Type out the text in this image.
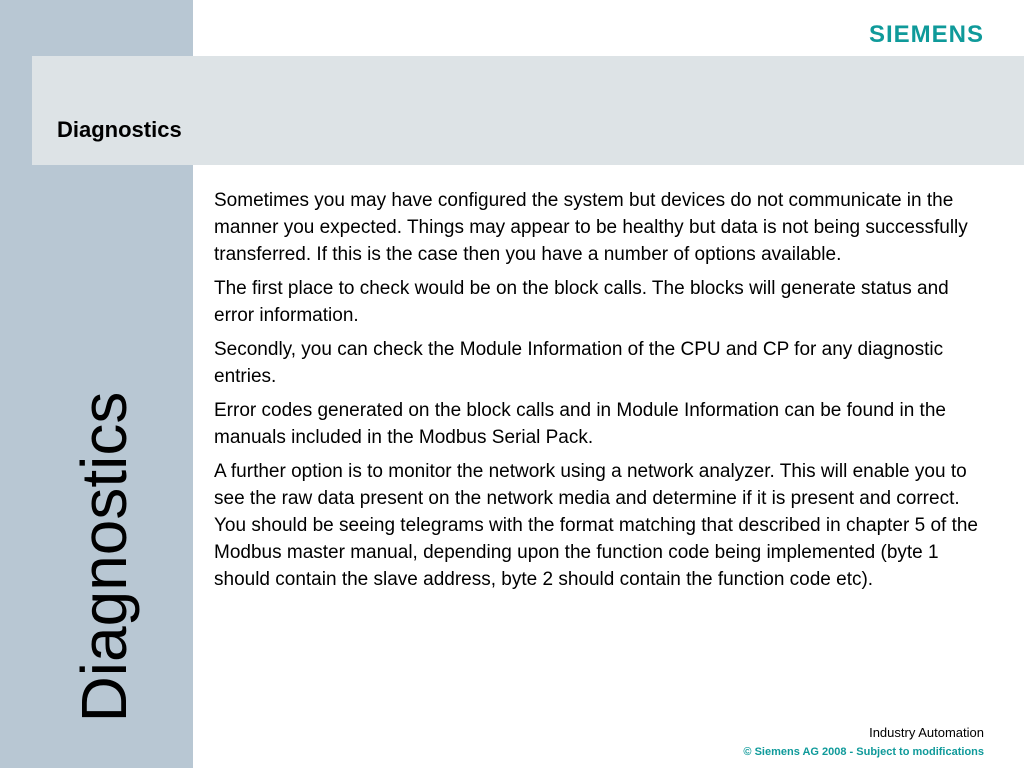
Diagnostics
SIEMENS
Diagnostics

Sometimes you may have configured the system but devices do not communicate in the manner you expected. Things may appear to be healthy but data is not being successfully transferred. If this is the case then you have a number of options available.

The first place to check would be on the block calls. The blocks will generate status and error information.

Secondly, you can check the Module Information of the CPU and CP for any diagnostic entries.

Error codes generated on the block calls and in Module Information can be found in the manuals included in the Modbus Serial Pack.

A further option is to monitor the network using a network analyzer. This will enable you to see the raw data present on the network media and determine if it is present and correct. You should be seeing telegrams with the format matching that described in chapter 5 of the Modbus master manual, depending upon the function code being implemented (byte 1 should contain the slave address, byte 2 should contain the function code etc).

Industry Automation
© Siemens AG 2008 - Subject to modifications
